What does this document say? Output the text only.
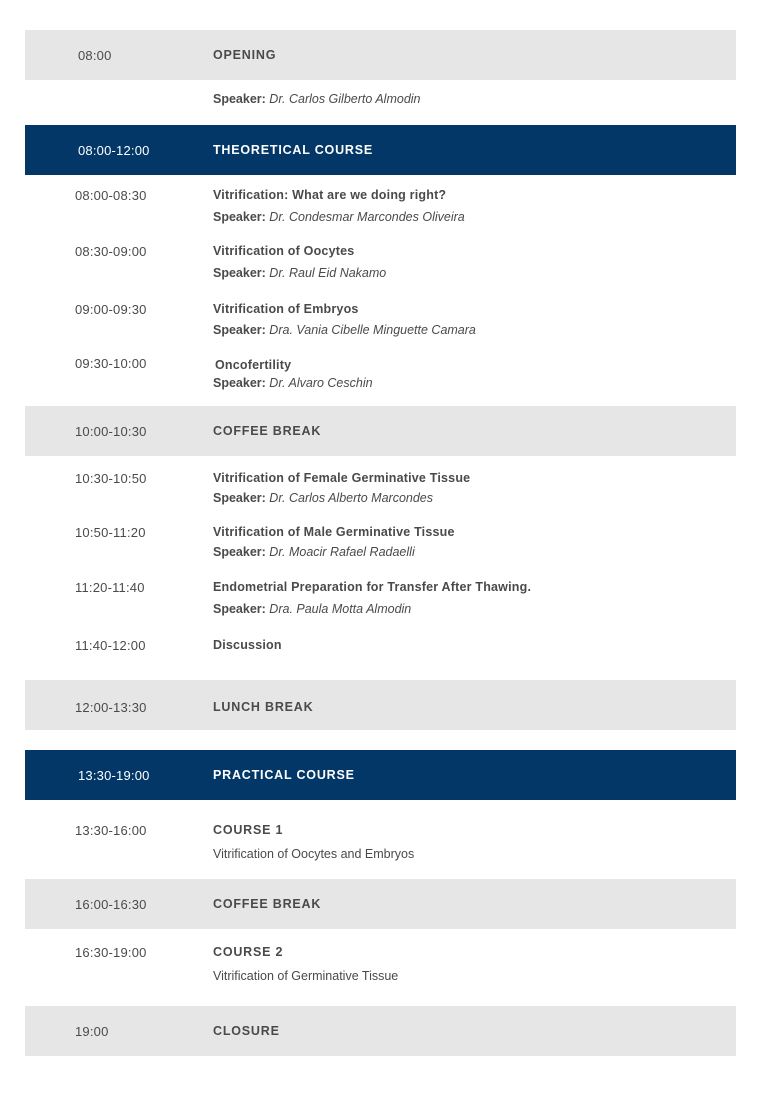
08:00	OPENING
Speaker: Dr. Carlos Gilberto Almodin
08:00-12:00	THEORETICAL COURSE
08:00-08:30	Vitrification: What are we doing right?
Speaker: Dr. Condesmar Marcondes Oliveira
08:30-09:00	Vitrification of Oocytes
Speaker: Dr. Raul Eid Nakamo
09:00-09:30	Vitrification of Embryos
Speaker: Dra. Vania Cibelle Minguette Camara
09:30-10:00	Oncofertility
Speaker: Dr. Alvaro Ceschin
10:00-10:30	COFFEE BREAK
10:30-10:50	Vitrification of Female Germinative Tissue
Speaker: Dr. Carlos Alberto Marcondes
10:50-11:20	Vitrification of Male Germinative Tissue
Speaker: Dr. Moacir Rafael Radaelli
11:20-11:40	Endometrial Preparation for Transfer After Thawing.
Speaker: Dra. Paula Motta Almodin
11:40-12:00	Discussion
12:00-13:30	LUNCH BREAK
13:30-19:00	PRACTICAL COURSE
13:30-16:00	COURSE 1
Vitrification of Oocytes and Embryos
16:00-16:30	COFFEE BREAK
16:30-19:00	COURSE 2
Vitrification of Germinative Tissue
19:00	CLOSURE
